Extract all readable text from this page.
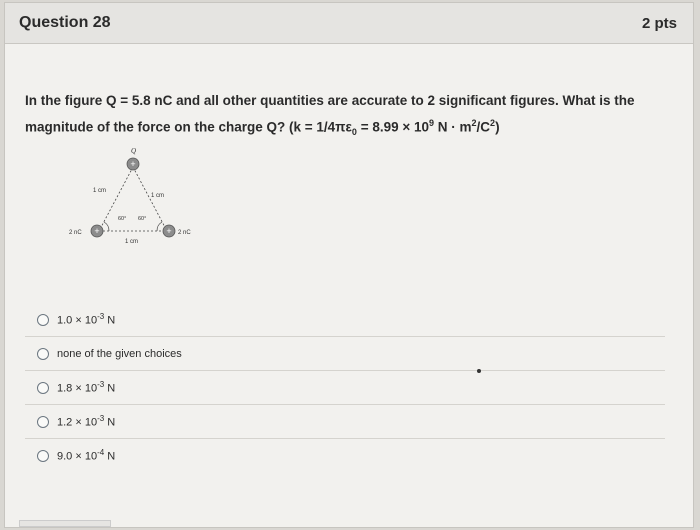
Question 28	2 pts
In the figure Q = 5.8 nC and all other quantities are accurate to 2 significant figures. What is the
magnitude of the force on the charge Q? ($k = 1/4\pi\varepsilon_0 = 8.99 \times 10^9$ $N \cdot m^2/C^2$)
+
+	+
Q
1 cm
1 cm
60° 60°
1 cm
2 nC	2 nC
$1.0 \times 10^{-3}$ N
none of the given choices
$1.8 \times 10^{-3}$ N
$1.2 \times 10^{-3}$ N
$9.0 \times 10^{-4}$ N
